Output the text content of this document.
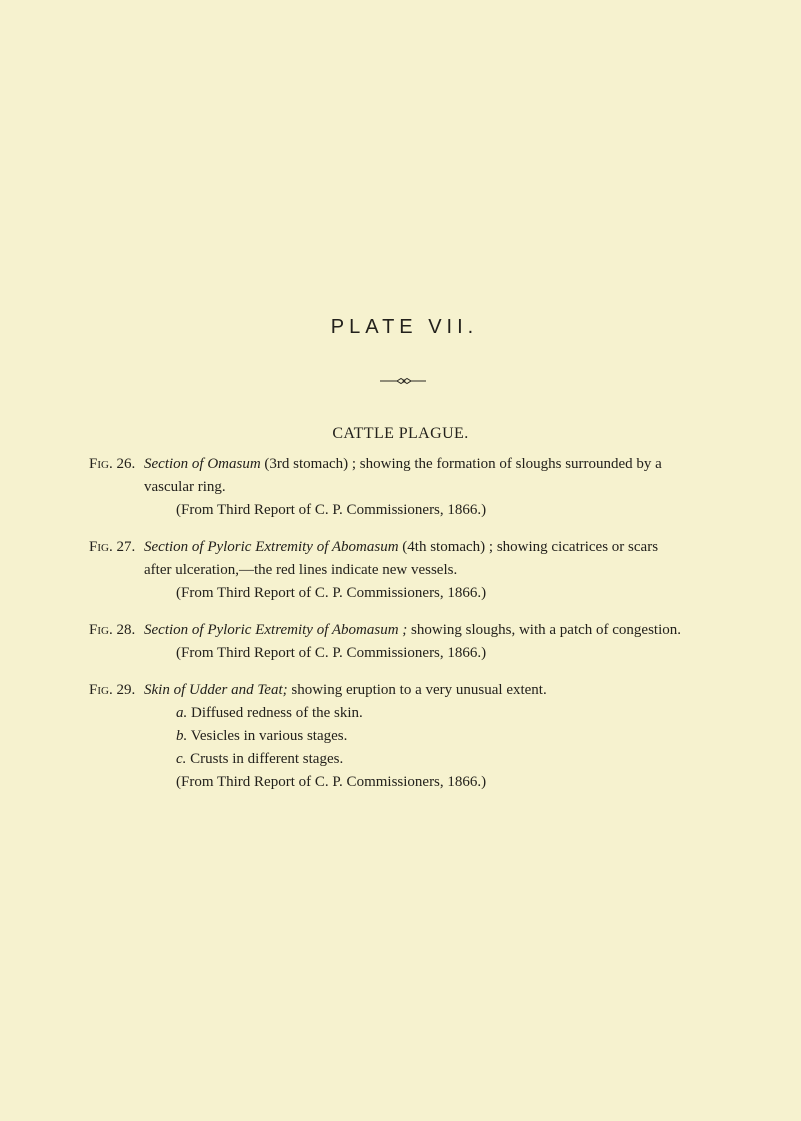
PLATE VII.
CATTLE PLAGUE.
Fig. 26. Section of Omasum (3rd stomach) ; showing the formation of sloughs surrounded by a
vascular ring.
(From Third Report of C. P. Commissioners, 1866.)
Fig. 27. Section of Pyloric Extremity of Abomasum (4th stomach) ; showing cicatrices or scars
after ulceration,—the red lines indicate new vessels.
(From Third Report of C. P. Commissioners, 1866.)
Fig. 28. Section of Pyloric Extremity of Abomasum ; showing sloughs, with a patch of congestion.
(From Third Report of C. P. Commissioners, 1866.)
Fig. 29. Skin of Udder and Teat; showing eruption to a very unusual extent.
a. Diffused redness of the skin.
b. Vesicles in various stages.
c. Crusts in different stages.
(From Third Report of C. P. Commissioners, 1866.)
